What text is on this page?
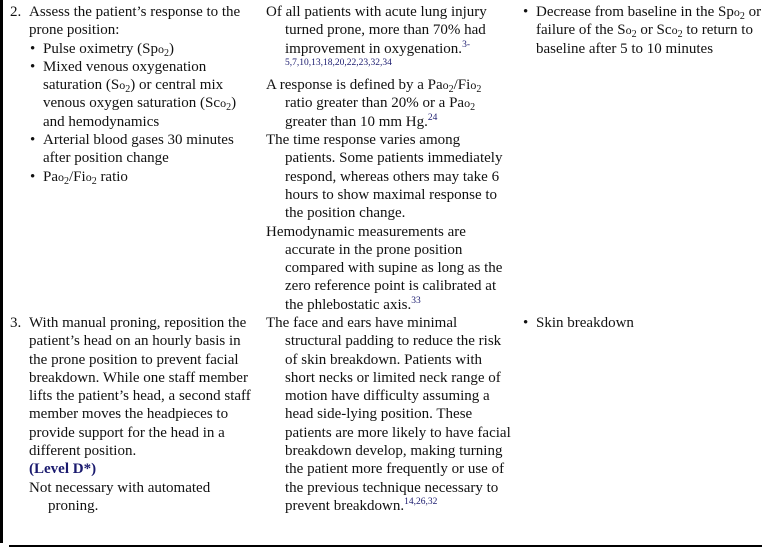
2. Assess the patient’s response to the prone position:
• Pulse oximetry (Spo$_2$)
• Mixed venous oxygenation saturation $(So_2)$ or central mix venous oxygen saturation (Sco$_2$) and hemodynamics
• Arterial blood gases 30 minutes after position change
• Pao$_2$/Fio$_2$ ratio
Of all patients with acute lung injury turned prone, more than 70% had improvement in oxygenation.$^{3-5,7,10,13,18,20,22,23,32,34}$
A response is defined by a Pao$_2$/Fio$_2$ ratio greater than 20% or a Pao$_2$ greater than 10 mm Hg.$^{24}$
The time response varies among patients. Some patients immediately respond, whereas others may take 6 hours to show maximal response to the position change.
Hemodynamic measurements are accurate in the prone position compared with supine as long as the zero reference point is calibrated at the phlebostatic axis.$^{33}$
• Decrease from baseline in the Spo$_2$ or failure of the $So_2$ or Sco$_2$ to return to baseline after 5 to 10 minutes
3. With manual proning, reposition the patient’s head on an hourly basis in the prone position to prevent facial breakdown. While one staff member lifts the patient’s head, a second staff member moves the headpieces to provide support for the head in a different position.
(Level D*)
Not necessary with automated proning.
The face and ears have minimal structural padding to reduce the risk of skin breakdown. Patients with short necks or limited neck range of motion have difficulty assuming a head side-lying position. These patients are more likely to have facial breakdown develop, making turning the patient more frequently or use of the previous technique necessary to prevent breakdown.$^{14,26,32}$
• Skin breakdown
